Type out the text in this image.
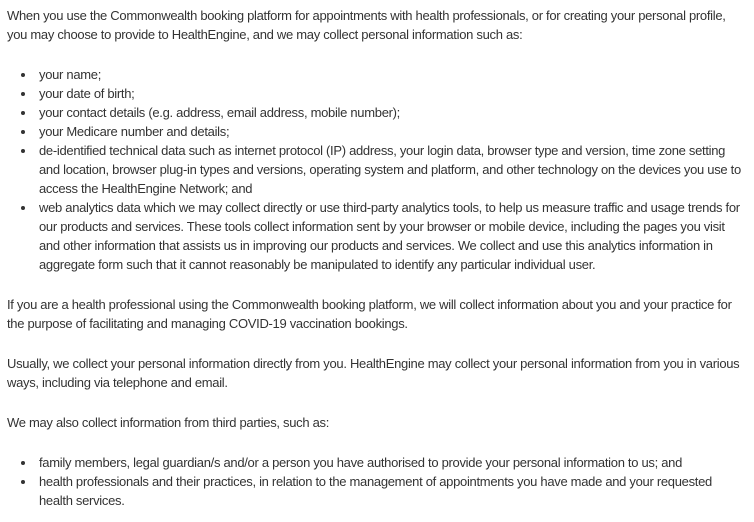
When you use the Commonwealth booking platform for appointments with health professionals, or for creating your personal profile, you may choose to provide to HealthEngine, and we may collect personal information such as:

• your name;
• your date of birth;
• your contact details (e.g. address, email address, mobile number);
• your Medicare number and details;
• de-identified technical data such as internet protocol (IP) address, your login data, browser type and version, time zone setting and location, browser plug-in types and versions, operating system and platform, and other technology on the devices you use to access the HealthEngine Network; and
• web analytics data which we may collect directly or use third-party analytics tools, to help us measure traffic and usage trends for our products and services. These tools collect information sent by your browser or mobile device, including the pages you visit and other information that assists us in improving our products and services. We collect and use this analytics information in aggregate form such that it cannot reasonably be manipulated to identify any particular individual user.

If you are a health professional using the Commonwealth booking platform, we will collect information about you and your practice for the purpose of facilitating and managing COVID-19 vaccination bookings.

Usually, we collect your personal information directly from you. HealthEngine may collect your personal information from you in various ways, including via telephone and email.

We may also collect information from third parties, such as:

• family members, legal guardian/s and/or a person you have authorised to provide your personal information to us; and
• health professionals and their practices, in relation to the management of appointments you have made and your requested health services.
